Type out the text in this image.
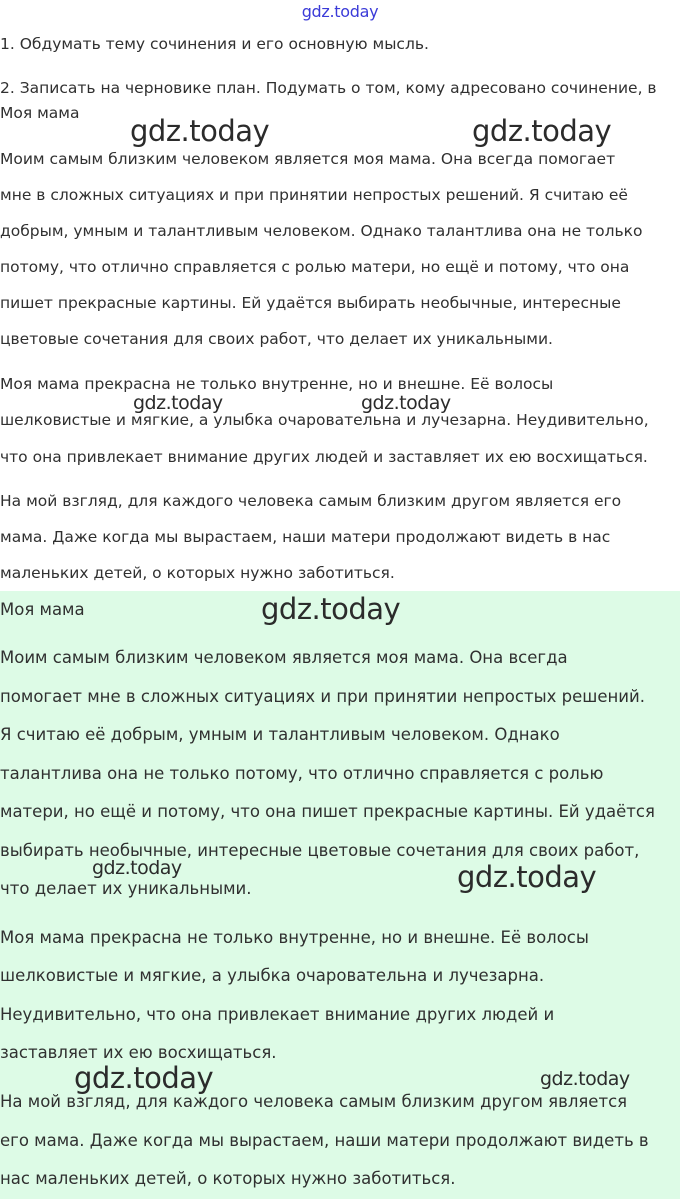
gdz.today
1. Обдумать тему сочинения и его основную мысль.
2. Записать на черновике план. Подумать о том, кому адресовано сочинение, в
Моя мама
Моим самым близким человеком является моя мама. Она всегда помогает
мне в сложных ситуациях и при принятии непростых решений. Я считаю её
добрым, умным и талантливым человеком. Однако талантлива она не только
потому, что отлично справляется с ролью матери, но ещё и потому, что она
пишет прекрасные картины. Ей удаётся выбирать необычные, интересные
цветовые сочетания для своих работ, что делает их уникальными.
Моя мама прекрасна не только внутренне, но и внешне. Её волосы
шелковистые и мягкие, а улыбка очаровательна и лучезарна. Неудивительно,
что она привлекает внимание других людей и заставляет их ею восхищаться.
На мой взгляд, для каждого человека самым близким другом является его
мама. Даже когда мы вырастаем, наши матери продолжают видеть в нас
маленьких детей, о которых нужно заботиться.
Моя мама
Моим самым близким человеком является моя мама. Она всегда
помогает мне в сложных ситуациях и при принятии непростых решений.
Я считаю её добрым, умным и талантливым человеком. Однако
талантлива она не только потому, что отлично справляется с ролью
матери, но ещё и потому, что она пишет прекрасные картины. Ей удаётся
выбирать необычные, интересные цветовые сочетания для своих работ,
что делает их уникальными.
Моя мама прекрасна не только внутренне, но и внешне. Её волосы
шелковистые и мягкие, а улыбка очаровательна и лучезарна.
Неудивительно, что она привлекает внимание других людей и
заставляет их ею восхищаться.
На мой взгляд, для каждого человека самым близким другом является
его мама. Даже когда мы вырастаем, наши матери продолжают видеть в
нас маленьких детей, о которых нужно заботиться.
gdz.today	gdz.today
gdz.today	gdz.today
gdz.today
gdz.today	gdz.today
gdz.today	gdz.today
